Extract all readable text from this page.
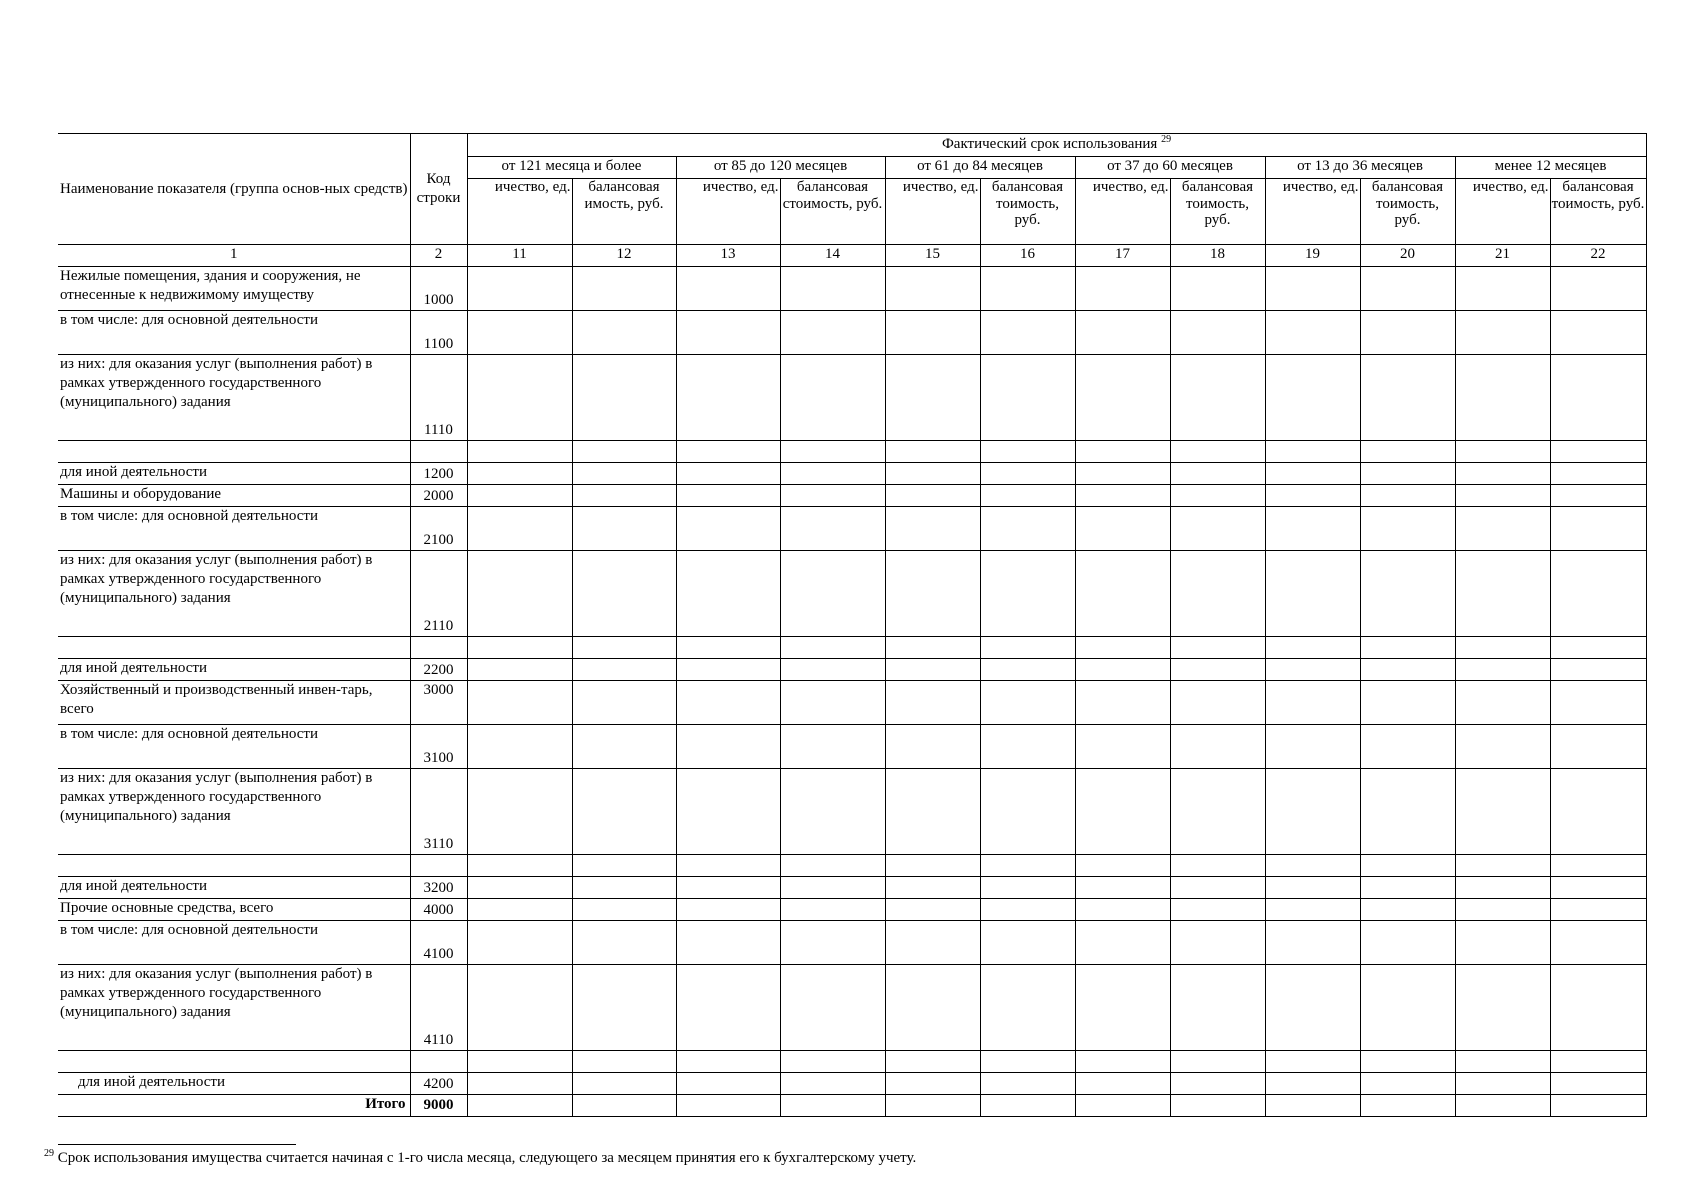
Наименование показателя (группа основ-ных средств)	Код строки	Фактический срок использования $^{29}$
		от 121 месяца и более		от 85 до 120 месяцев		от 61 до 84 месяцев		от 37 до 60 месяцев		от 13 до 36 месяцев		менее 12 месяцев	
		ичество, ед.	балансовая имость, руб.	ичество, ед.	балансовая стоимость, руб.	ичество, ед.	балансовая тоимость, руб.	ичество, ед.	балансовая тоимость, руб.	ичество, ед.	балансовая тоимость, руб.	ичество, ед.	балансовая тоимость, руб.
1	2	11	12	13	14	15	16	17	18	19	20	21	22
Нежилые помещения, здания и сооружения, не отнесенные к недвижимому имуществу	1000												
в том числе: для основной деятельности	1100												
из них: для оказания услуг (выполнения работ) в рамках утвержденного государственного (муниципального) задания	1110												

для иной деятельности	1200												
Машины и оборудование	2000												
в том числе: для основной деятельности	2100												
из них: для оказания услуг (выполнения работ) в рамках утвержденного государственного (муниципального) задания	2110												

для иной деятельности	2200												
Хозяйственный и производственный инвен-тарь, всего	3000												
в том числе: для основной деятельности	3100												
из них: для оказания услуг (выполнения работ) в рамках утвержденного государственного (муниципального) задания	3110												

для иной деятельности	3200												
Прочие основные средства, всего	4000												
в том числе: для основной деятельности	4100												
из них: для оказания услуг (выполнения работ) в рамках утвержденного государственного (муниципального) задания	4110												

для иной деятельности	4200												
Итого	9000												
$^{29}$ Срок использования имущества считается начиная с 1-го числа месяца, следующего за месяцем принятия его к бухгалтерскому учету.
